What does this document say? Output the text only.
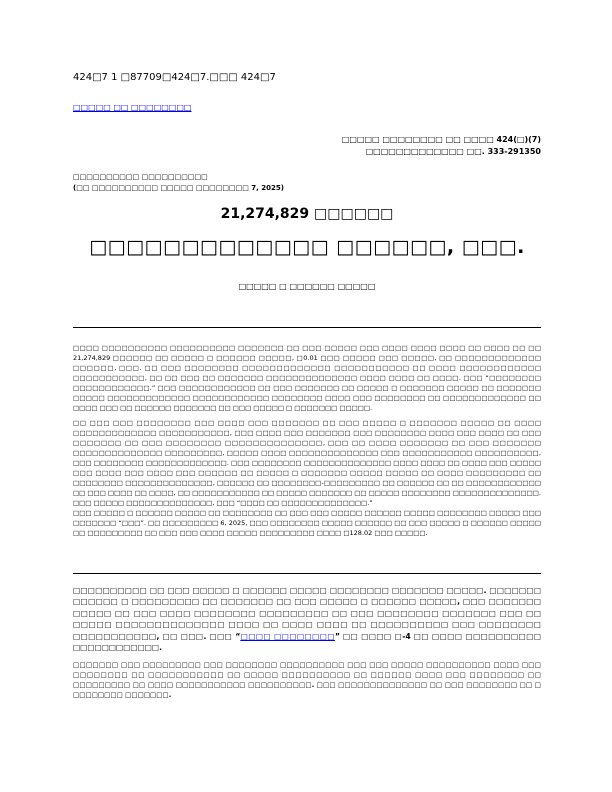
424□7 1 □87709□424□7.□□□ 424□7
□□□□□ □□ □□□□□□□□
□□□□□ □□□□□□□□ □□ □□□□ 424(□)(7)
□□□□□□□□□□□□□ □□. 333-291350
□□□□□□□□□□ □□□□□□□□□□
(□□ □□□□□□□□□□ □□□□□ □□□□□□□□ 7, 2025)
21,274,829 □□□□□□
□□□□□□□□□□□□□ □□□□□□, □□□.
□□□□□ □ □□□□□□ □□□□□
□□□□ □□□□□□□□□□ □□□□□□□□□□ □□□□□□□ □□ □□□ □□□□□ □□□ □□□□ □□□□ □□□□ □□ □□□□ □□ □□ 21,274,829 □□□□□□ □□ □□□□□ □ □□□□□□ □□□□□, □0.01 □□□ □□□□□ □□□ □□□□□, □□ □□□□□□□□□□□□□ □□□□□□, □□□. □□ □□□ □□□□□□□□ □□□□□□□□□□□□□ □□□□□□□□□□□ □□ □□□□ □□□□□□□□□□□□ □□□□□□□□□□□, □□ □□ □□□ □□ □□□□□□□ □□□□□□□□□□□□□□ □□□□ □□□□ □□ □□□□. □□□ “□□□□□□□□ □□□□□□□□□□□□.” □□□ □□□□□□□□□□□□ □□ □□□ □□□□□□□ □□ □□□□□ □ □□□□□□□ □□□□□ □□ □□□□□□□ □□□□□ □□□□□□□□□□□□□ □□□□□□□□□□□□ □□□□□□□□ □□□□ □□□ □□□□□□□□ □□ □□□□□□□□□□□□□ □□ □□□□ □□□ □□ □□□□□□ □□□□□□□ □□ □□□ □□□□□ □ □□□□□□□ □□□□□.
□□ □□□ □□□ □□□□□□□□ □□□ □□□□ □□□ □□□□□□□ □□ □□□ □□□□□ □ □□□□□□□ □□□□□ □□ □□□□ □□□□□□□□□□□□□ □□□□□□□□□□□, □□□ □□□□ □□□ □□□□□□□ □□□ □□□□□□□□ □□□□ □□□ □□□□ □□ □□□ □□□□□□□ □□ □□□ □□□□□□□□ □□□□□□□□□□□□□□, □□□ □□ □□□□ □□□□□□□ □□ □□□ □□□□□□□ □□□□□□□□□□□□□□ □□□□□□□□□, □□□□□ □□□□ □□□□□□□□□□□□□□ □□□ □□□□□□□□□□□ □□□□□□□□□□, □□□ □□□□□□□□ □□□□□□□□□□□□□. □□□ □□□□□□□□ □□□□□□□□□□□□□□ □□□□ □□□□ □□ □□□□ □□□ □□□□□ □□□ □□□□ □□□ □□□□ □□□ □□□□□□ □□ □□□□□ □ □□□□□□□ □□□□□ □□□□□ □□ □□□□ □□□□□□□□□ □□ □□□□□□□□ □□□□□□□□□□□□□□, □□□□□□ □□ □□□□□□□□-□□□□□□□□□ □□ □□□□□□ □□ □□ □□□□□□□□□□□□ □□ □□□ □□□□ □□ □□□□, □□ □□□□□□□□□□□ □□ □□□□□ □□□□□□□ □□ □□□□□ □□□□□□□□ □□□□□□□□□□□□□□. □□□ □□□□□ □□□□□□□□□□□□□□, □□□ “□□□□ □□ □□□□□□□□□□□□□□.”
□□□ □□□□□ □ □□□□□□ □□□□□ □□ □□□□□□□□ □□ □□□ □□□ □□□□□ □□□□□□ □□□□□ □□□□□□□□ □□□□□ □□□ □□□□□□□ “□□□”. □□ □□□□□□□□□ 6, 2025, □□□ □□□□□□□□ □□□□□ □□□□□□ □□ □□□ □□□□□ □ □□□□□□ □□□□□ □□ □□□□□□□□□ □□ □□□ □□□ □□□□ □□□□□ □□□□□□□□□ □□□□ □128.02 □□□ □□□□□.
□□□□□□□□□□ □□ □□□ □□□□□ □ □□□□□□ □□□□□ □□□□□□□□ □□□□□□□ □□□□□. □□□□□□□ □□□□□□ □ □□□□□□□□□ □□ □□□□□□□ □□ □□□ □□□□□ □ □□□□□□ □□□□□, □□□ □□□□□□□ □□□□□ □□ □□□ □□□□ □□□□□□□□ □□□□□□□□□ □□ □□□ □□□□□□□□ □□□□□□□ □□□ □□ □□□□□ □□□□□□□□□□□□□□ □□□□ □□ □□□□ □□□□ □□ □□□□□□□□□□ □□□ □□□□□□□□ □□□□□□□□□□□, □□ □□□. □□□ “□□□□ □□□□□□□□” □□ □□□□ □-4 □□ □□□□ □□□□□□□□□□ □□□□□□□□□□□□.
□□□□□□□ □□□ □□□□□□□□□ □□□ □□□□□□□□ □□□□□□□□□□ □□□ □□□ □□□□□ □□□□□□□□□□ □□□□ □□□ □□□□□□□□ □□ □□□□□□□□□□□ □□ □□□□□ □□□□□□□□□□ □□ □□□□□□ □□□□ □□□ □□□□□□□□ □□ □□□□□□□□□ □□ □□□□ □□□□□□□□□□□ □□□□□□□□□□. □□□ □□□□□□□□□□□□□□ □□ □□□ □□□□□□□□ □□ □ □□□□□□□□ □□□□□□□.
